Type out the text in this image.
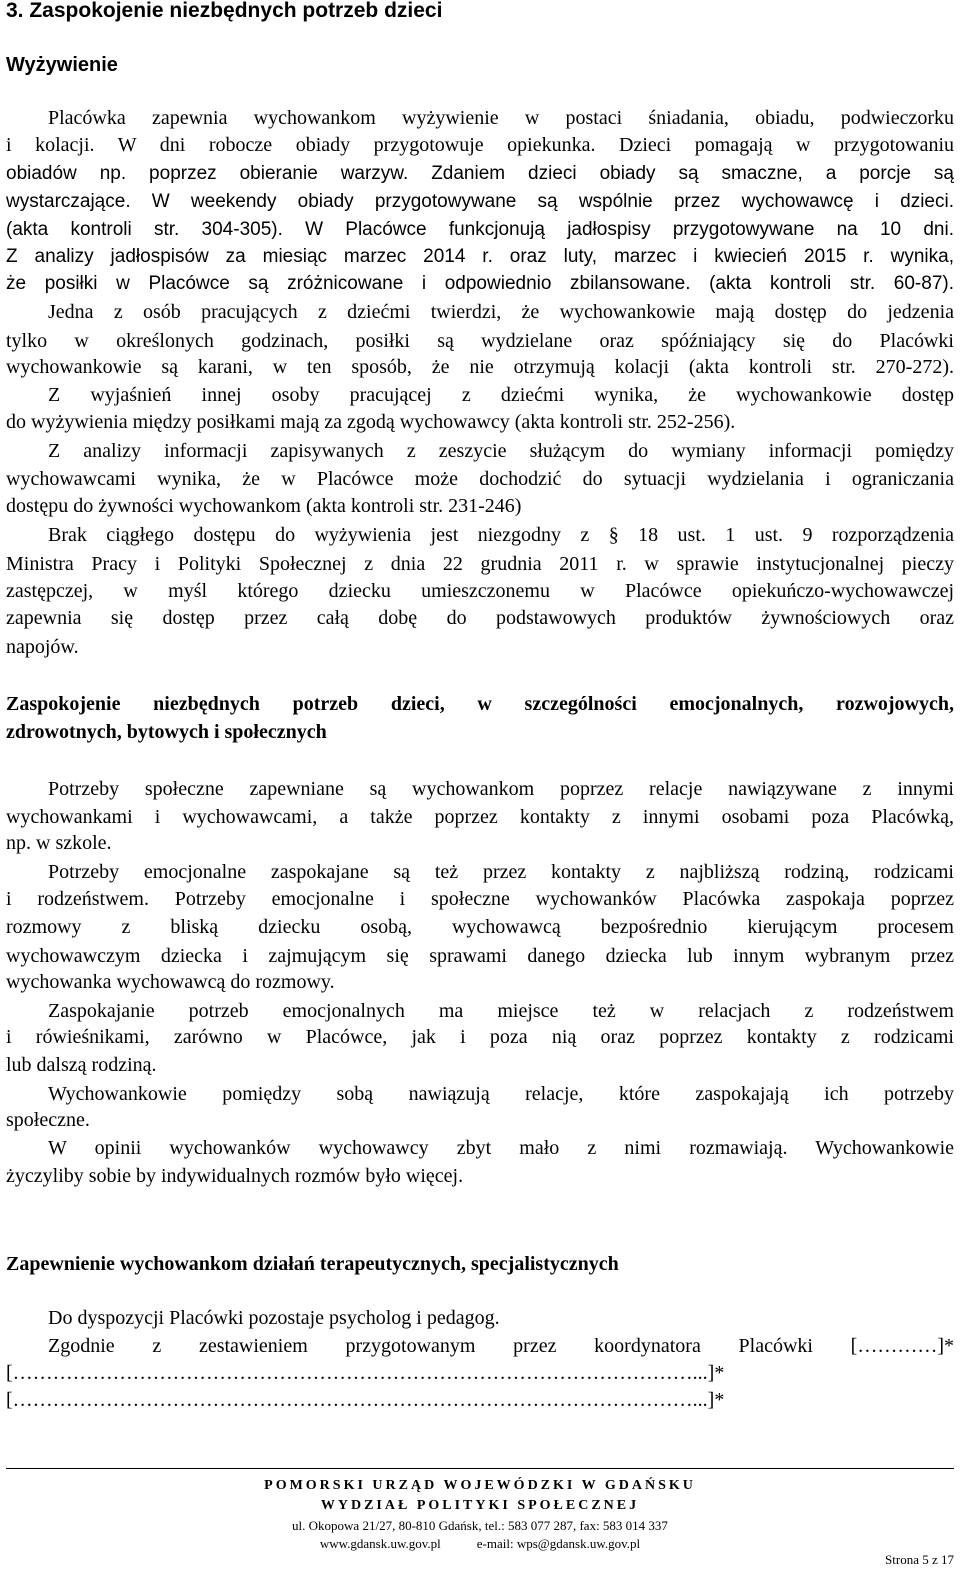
3. Zaspokojenie niezbędnych potrzeb dzieci
Wyżywienie
Placówka zapewnia wychowankom wyżywienie w postaci śniadania, obiadu, podwieczorku
i kolacji. W dni robocze obiady przygotowuje opiekunka. Dzieci pomagają w przygotowaniu
obiadów np. poprzez obieranie warzyw. Zdaniem dzieci obiady są smaczne, a porcje są
wystarczające. W weekendy obiady przygotowywane są wspólnie przez wychowawcę i dzieci.
(akta kontroli str. 304-305). W Placówce funkcjonują jadłospisy przygotowywane na 10 dni.
Z analizy jadłospisów za miesiąc marzec 2014 r. oraz luty, marzec i kwiecień 2015 r. wynika,
że posiłki w Placówce są zróżnicowane i odpowiednio zbilansowane. (akta kontroli str. 60-87).
Jedna z osób pracujących z dziećmi twierdzi, że wychowankowie mają dostęp do jedzenia
tylko w określonych godzinach, posiłki są wydzielane oraz spóźniający się do Placówki
wychowankowie są karani, w ten sposób, że nie otrzymują kolacji (akta kontroli str. 270-272).
Z wyjaśnień innej osoby pracującej z dziećmi wynika, że wychowankowie dostęp
do wyżywienia między posiłkami mają za zgodą wychowawcy (akta kontroli str. 252-256).
Z analizy informacji zapisywanych z zeszycie służącym do wymiany informacji pomiędzy
wychowawcami wynika, że w Placówce może dochodzić do sytuacji wydzielania i ograniczania
dostępu do żywności wychowankom (akta kontroli str. 231-246)
Brak ciągłego dostępu do wyżywienia jest niezgodny z § 18 ust. 1 ust. 9 rozporządzenia
Ministra Pracy i Polityki Społecznej z dnia 22 grudnia 2011 r. w sprawie instytucjonalnej pieczy
zastępczej, w myśl którego dziecku umieszczonemu w Placówce opiekuńczo-wychowawczej
zapewnia się dostęp przez całą dobę do podstawowych produktów żywnościowych oraz
napojów.
Zaspokojenie niezbędnych potrzeb dzieci, w szczególności emocjonalnych, rozwojowych,
zdrowotnych, bytowych i społecznych
Potrzeby społeczne zapewniane są wychowankom poprzez relacje nawiązywane z innymi
wychowankami i wychowawcami, a także poprzez kontakty z innymi osobami poza Placówką,
np. w szkole.
Potrzeby emocjonalne zaspokajane są też przez kontakty z najbliższą rodziną, rodzicami
i rodzeństwem. Potrzeby emocjonalne i społeczne wychowanków Placówka zaspokaja poprzez
rozmowy z bliską dziecku osobą, wychowawcą bezpośrednio kierującym procesem
wychowawczym dziecka i zajmującym się sprawami danego dziecka lub innym wybranym przez
wychowanka wychowawcą do rozmowy.
Zaspokajanie potrzeb emocjonalnych ma miejsce też w relacjach z rodzeństwem
i rówieśnikami, zarówno w Placówce, jak i poza nią oraz poprzez kontakty z rodzicami
lub dalszą rodziną.
Wychowankowie pomiędzy sobą nawiązują relacje, które zaspokajają ich potrzeby
społeczne.
W opinii wychowanków wychowawcy zbyt mało z nimi rozmawiają. Wychowankowie
życzyliby sobie by indywidualnych rozmów było więcej.
Zapewnienie wychowankom działań terapeutycznych, specjalistycznych
Do dyspozycji Placówki pozostaje psycholog i pedagog.
Zgodnie z zestawieniem przygotowanym przez koordynatora Placówki […………]*
[…………………………………………………………………………………………...]*
[…………………………………………………………………………………………...]*
POMORSKI URZĄD WOJEWÓDZKI W GDAŃSKU
WYDZIAŁ POLITYKI SPOŁECZNEJ
ul. Okopowa 21/27, 80-810 Gdańsk, tel.: 583 077 287, fax: 583 014 337
www.gdansk.uw.gov.pl	e-mail: wps@gdansk.uw.gov.pl
Strona 5 z 17
